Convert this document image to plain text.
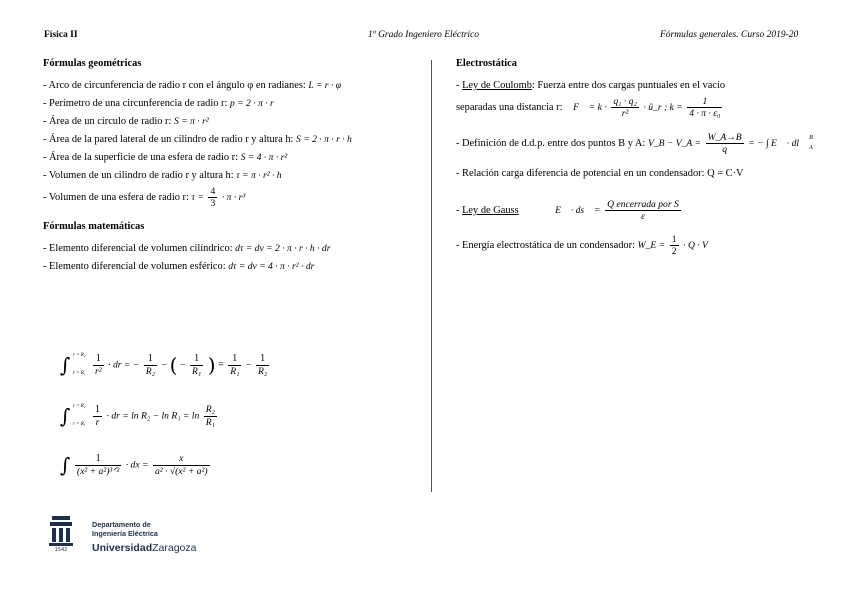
Física II	1º Grado Ingeniero Eléctrico	Fórmulas generales. Curso 2019-20
Fórmulas geométricas
- Arco de circunferencia de radio r con el ángulo φ en radianes: L = r · φ
- Perímetro de una circunferencia de radio r: p = 2 · π · r
- Área de un círculo de radio r: S = π · r²
- Área de la pared lateral de un cilindro de radio r y altura h: S = 2 · π · r · h
- Área de la superficie de una esfera de radio r: S = 4 · π · r²
- Volumen de un cilindro de radio r y altura h: τ = π · r² · h
- Volumen de una esfera de radio r: $\tau = \frac{4}{3} \cdot \pi \cdot r^3$
Fórmulas matemáticas
- Elemento diferencial de volumen cilíndrico: dτ = dv = 2 · π · r · h · dr
- Elemento diferencial de volumen esférico: dτ = dv = 4 · π · r² · dr
∫ r = R₂
r = R₁
$\frac{1}{\text{r²}}$ · dr = − $\frac{1}{\text{R₂}}$ − ( − $\frac{1}{\text{R₁}}$ ) = $\frac{1}{\text{R₁}} - \frac{1}{\text{R₂}}$
∫ r = R₂
r = R₁
$\frac{1}{r}$ · dr = $\ln R_2 - \ln R_1 = \ln \frac{\text{R₂}}{\text{R₁}}$
∫ $\frac{1}{\text{(x² + a²)³ᐟ²}}$ · dx = $\frac{x}{\text{a² · √(x² + a²)}}$
Electrostática
- Ley de Coulomb: Fuerza entre dos cargas puntuales en el vacío
separadas una distancia r: F⃗ = $k \cdot \frac{\text{q₁ · q₂}}{\text{r²}}$ · û_r ; $k = \frac{1}{\text{4 · π · ε₀}}$
- Definición de d.d.p. entre dos puntos B y A: V_B − V_A = $\frac{W\_A\to B}{q}$ = − ∫ E⃗ · dl⃗ B
A
- Relación carga diferencia de potencial en un condensador: Q = C·V
- Ley de Gauss	∯ E⃗ · ds⃗ = $\frac{\text{Q encerrada por S}}{\varepsilon}$
- Energía electrostática de un condensador: W_E = $\frac{1}{2} \cdot Q \cdot V$
1542
Departamento de
Ingeniería Eléctrica
UniversidadZaragoza
